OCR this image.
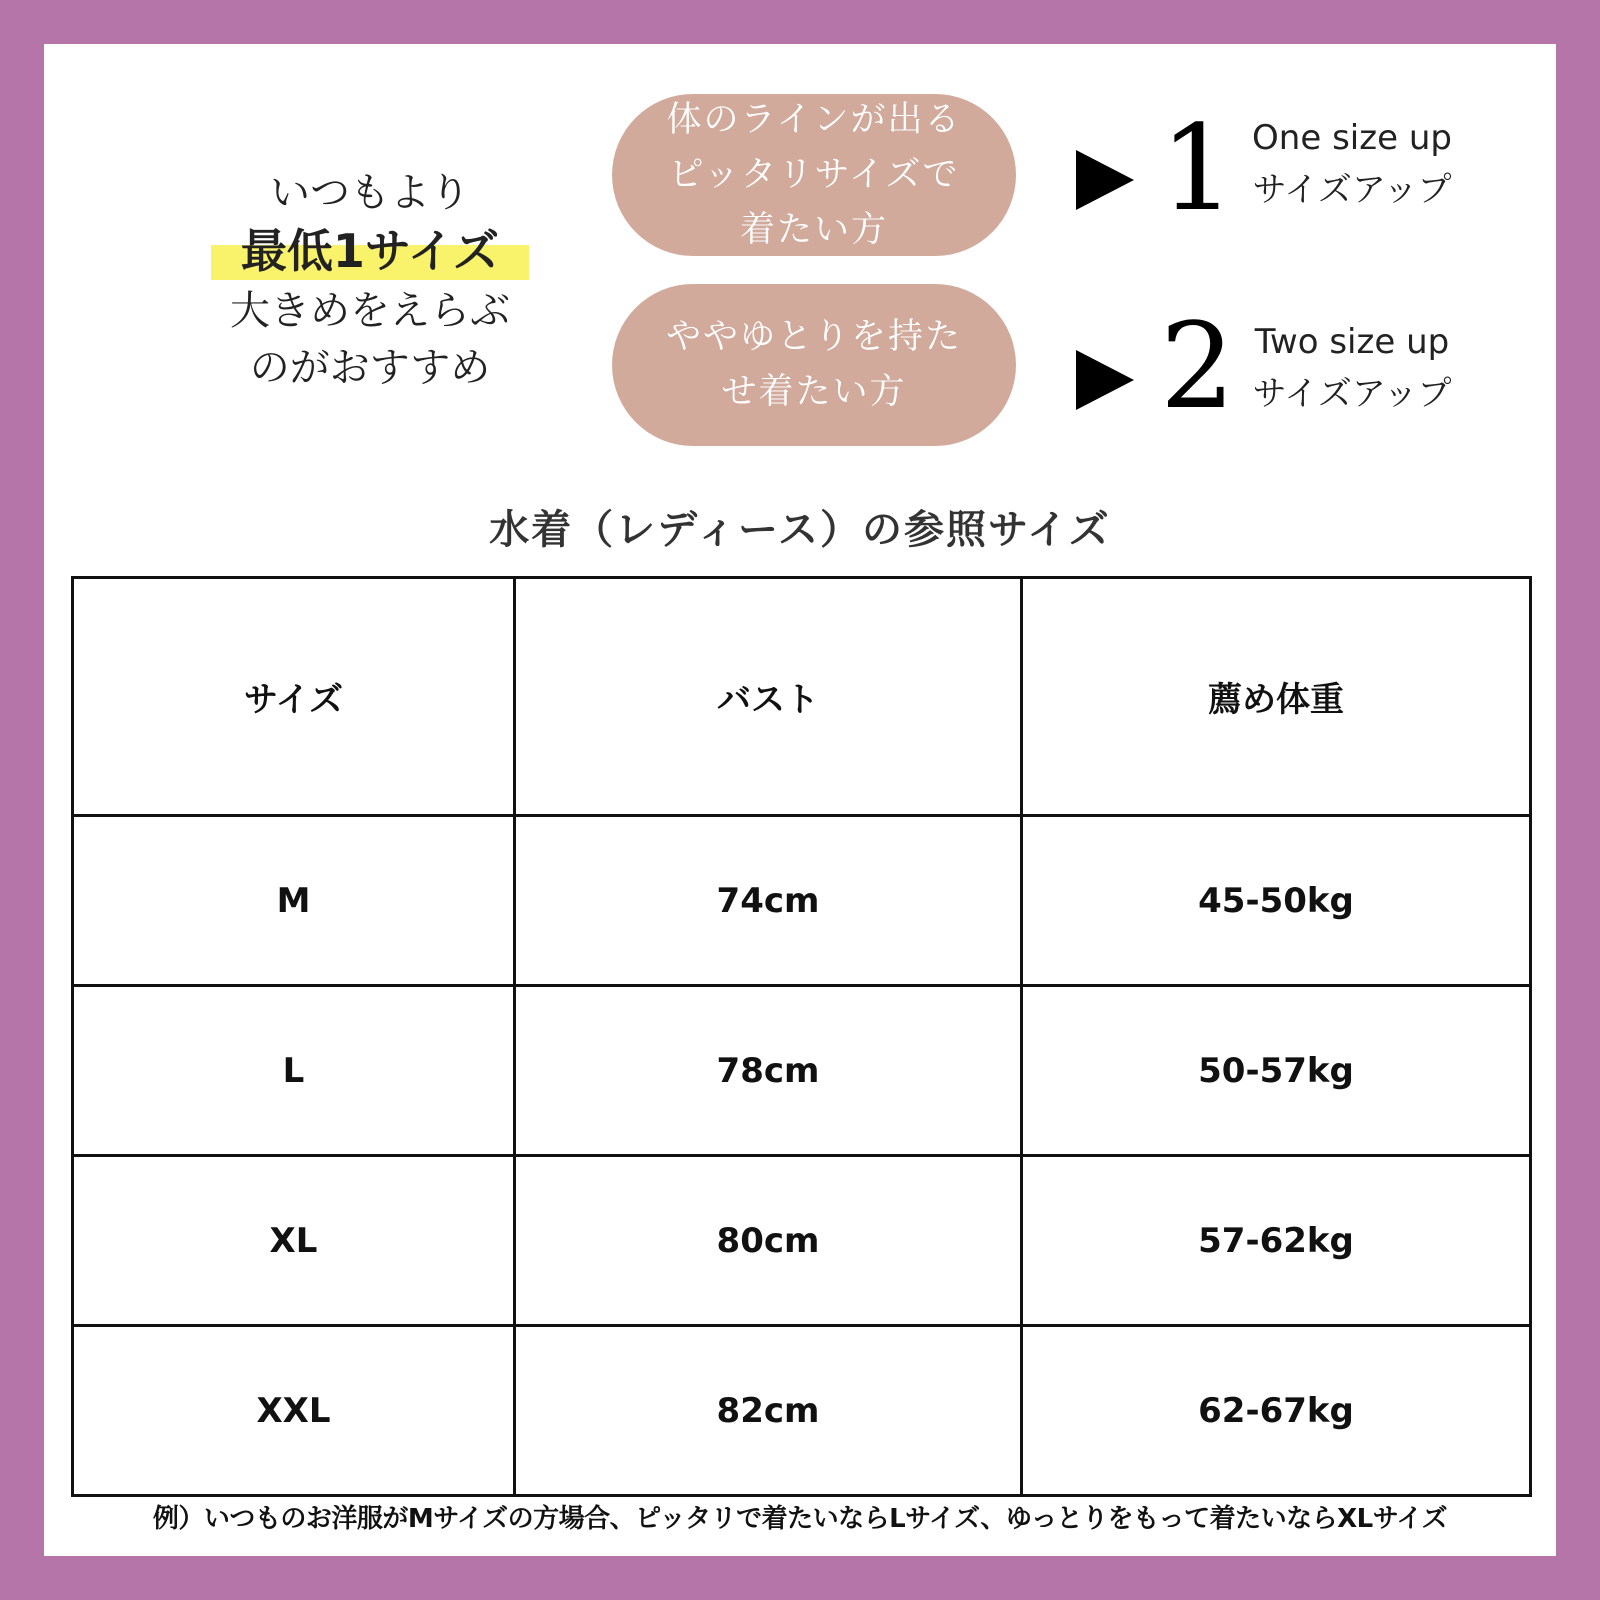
いつもより
最低1サイズ
大きめをえらぶ
のがおすすめ
体のラインが出る
ピッタリサイズで
着たい方	1 One size up
サイズアップ
ややゆとりを持た
せ着たい方	2 Two size up
サイズアップ
水着（レディース）の参照サイズ
サイズ	バスト	薦め体重
M	74cm	45-50kg
L	78cm	50-57kg
XL	80cm	57-62kg
XXL	82cm	62-67kg
例）いつものお洋服がMサイズの方場合、ピッタリで着たいならLサイズ、ゆっとりをもって着たいならXLサイズ
